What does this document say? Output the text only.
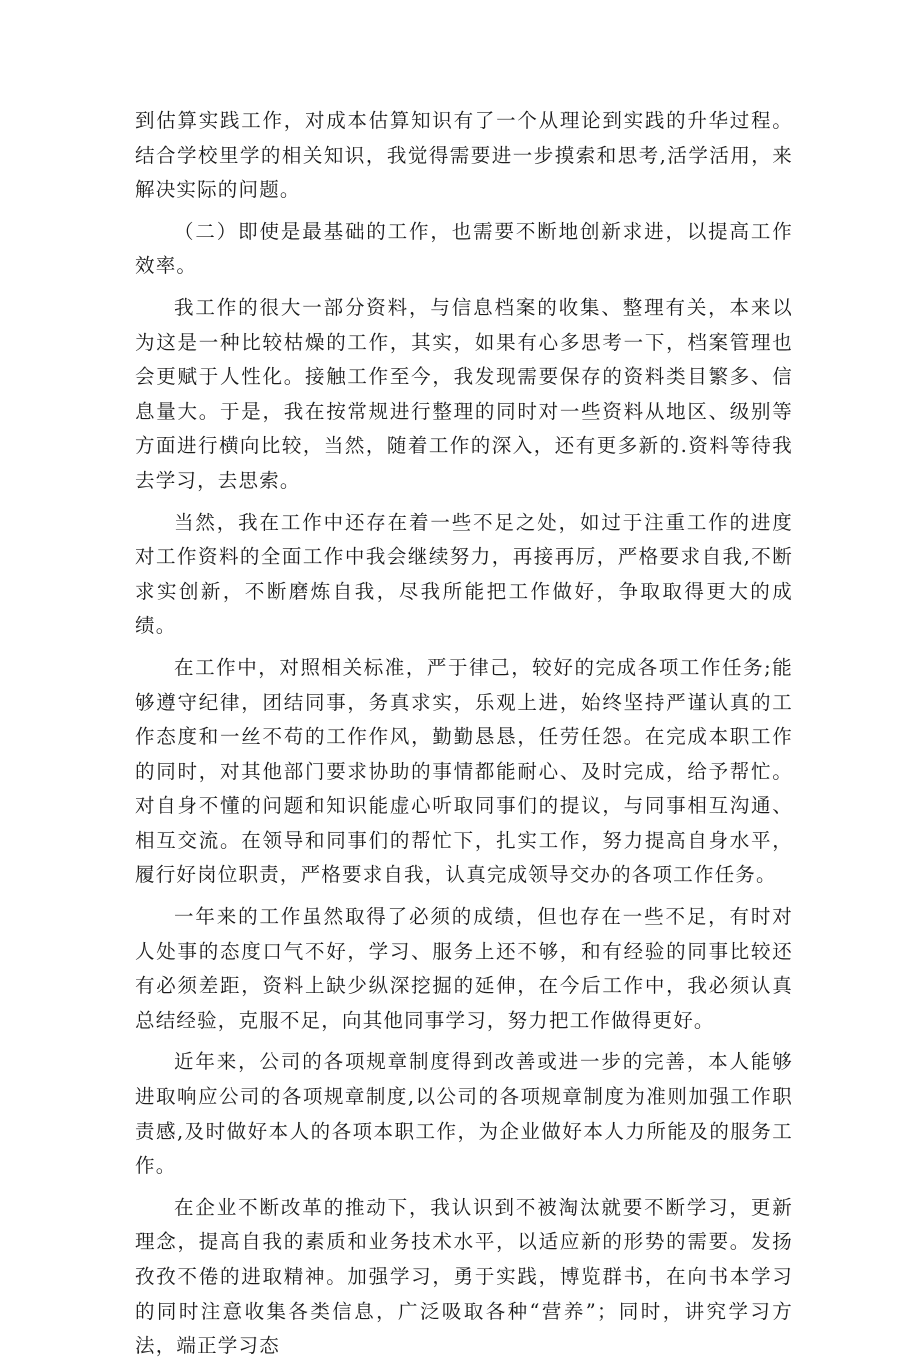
到估算实践工作，对成本估算知识有了一个从理论到实践的升华过程。结合学校里学的相关知识，我觉得需要进一步摸索和思考,活学活用，来解决实际的问题。

（二）即使是最基础的工作，也需要不断地创新求进，以提高工作效率。

我工作的很大一部分资料，与信息档案的收集、整理有关，本来以为这是一种比较枯燥的工作，其实，如果有心多思考一下，档案管理也会更赋于人性化。接触工作至今，我发现需要保存的资料类目繁多、信息量大。于是，我在按常规进行整理的同时对一些资料从地区、级别等方面进行横向比较，当然，随着工作的深入，还有更多新的.资料等待我去学习，去思索。

当然，我在工作中还存在着一些不足之处，如过于注重工作的进度对工作资料的全面工作中我会继续努力，再接再厉，严格要求自我,不断求实创新，不断磨炼自我，尽我所能把工作做好，争取取得更大的成绩。

在工作中，对照相关标准，严于律己，较好的完成各项工作任务;能够遵守纪律，团结同事，务真求实，乐观上进，始终坚持严谨认真的工作态度和一丝不苟的工作作风，勤勤恳恳，任劳任怨。在完成本职工作的同时，对其他部门要求协助的事情都能耐心、及时完成，给予帮忙。对自身不懂的问题和知识能虚心听取同事们的提议，与同事相互沟通、相互交流。在领导和同事们的帮忙下，扎实工作，努力提高自身水平，履行好岗位职责，严格要求自我，认真完成领导交办的各项工作任务。

一年来的工作虽然取得了必须的成绩，但也存在一些不足，有时对人处事的态度口气不好，学习、服务上还不够，和有经验的同事比较还有必须差距，资料上缺少纵深挖掘的延伸，在今后工作中，我必须认真总结经验，克服不足，向其他同事学习，努力把工作做得更好。

近年来，公司的各项规章制度得到改善或进一步的完善，本人能够进取响应公司的各项规章制度,以公司的各项规章制度为准则加强工作职责感,及时做好本人的各项本职工作，为企业做好本人力所能及的服务工作。

在企业不断改革的推动下，我认识到不被淘汰就要不断学习，更新理念，提高自我的素质和业务技术水平，以适应新的形势的需要。发扬孜孜不倦的进取精神。加强学习，勇于实践，博览群书，在向书本学习的同时注意收集各类信息，广泛吸取各种“营养”；同时，讲究学习方法，端正学习态
